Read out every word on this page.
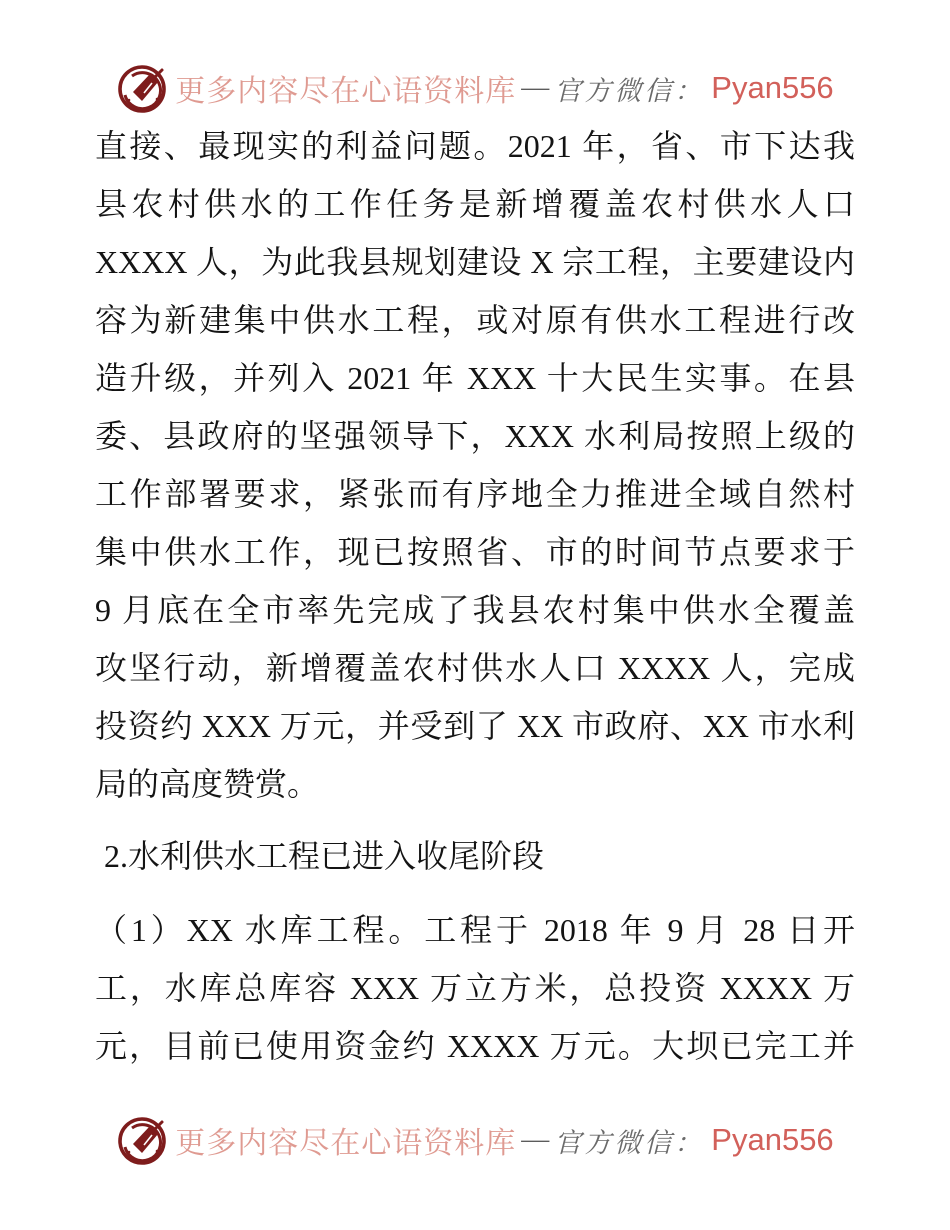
更多内容尽在心语资料库 — 官方微信： Pyan556
直接、最现实的利益问题。2021 年，省、市下达我
县农村供水的工作任务是新增覆盖农村供水人口
XXXX 人，为此我县规划建设 X 宗工程，主要建设内
容为新建集中供水工程，或对原有供水工程进行改
造升级，并列入 2021 年 XXX 十大民生实事。在县
委、县政府的坚强领导下，XXX 水利局按照上级的
工作部署要求，紧张而有序地全力推进全域自然村
集中供水工作，现已按照省、市的时间节点要求于
9 月底在全市率先完成了我县农村集中供水全覆盖
攻坚行动，新增覆盖农村供水人口 XXXX 人，完成
投资约 XXX 万元，并受到了 XX 市政府、XX 市水利
局的高度赞赏。
2.水利供水工程已进入收尾阶段
（1）XX 水库工程。工程于 2018 年 9 月 28 日开
工，水库总库容 XXX 万立方米，总投资 XXXX 万
元，目前已使用资金约 XXXX 万元。大坝已完工并
更多内容尽在心语资料库 — 官方微信： Pyan556
